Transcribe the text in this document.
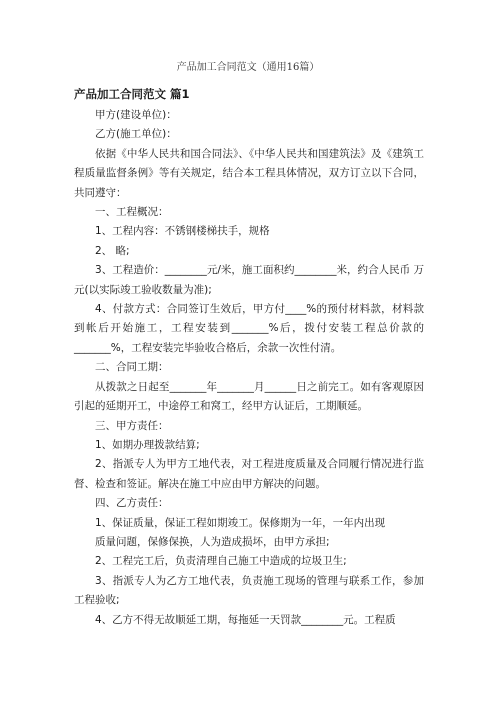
产品加工合同范文（通用16篇）
产品加工合同范文 篇1

甲方(建设单位)：

乙方(施工单位)：

依据《中华人民共和国合同法》、《中华人民共和国建筑法》及《建筑工程质量监督条例》等有关规定，结合本工程具体情况，双方订立以下合同，共同遵守：

一、工程概况：

1、工程内容：不锈钢楼梯扶手，规格

2、 略;

3、工程造价：________元/米，施工面积约________米，约合人民币 万元(以实际竣工验收数量为准);

4、付款方式：合同签订生效后，甲方付____%的预付材料款，材料款到帐后开始施工，工程安装到_______%后，拨付安装工程总价款的 _______%，工程安装完毕验收合格后，余款一次性付清。

二、合同工期：

从拨款之日起至_______年_______月______日之前完工。如有客观原因引起的延期开工，中途停工和窝工，经甲方认证后，工期顺延。

三、甲方责任：

1、如期办理拨款结算;

2、指派专人为甲方工地代表，对工程进度质量及合同履行情况进行监督、检查和签证。解决在施工中应由甲方解决的问题。

四、乙方责任：

1、保证质量，保证工程如期竣工。保修期为一年，一年内出现

质量问题，保修保换，人为造成损坏，由甲方承担;

2、工程完工后，负责清理自己施工中造成的垃圾卫生;

3、指派专人为乙方工地代表，负责施工现场的管理与联系工作，参加工程验收;

4、乙方不得无故顺延工期，每拖延一天罚款________元。工程质
